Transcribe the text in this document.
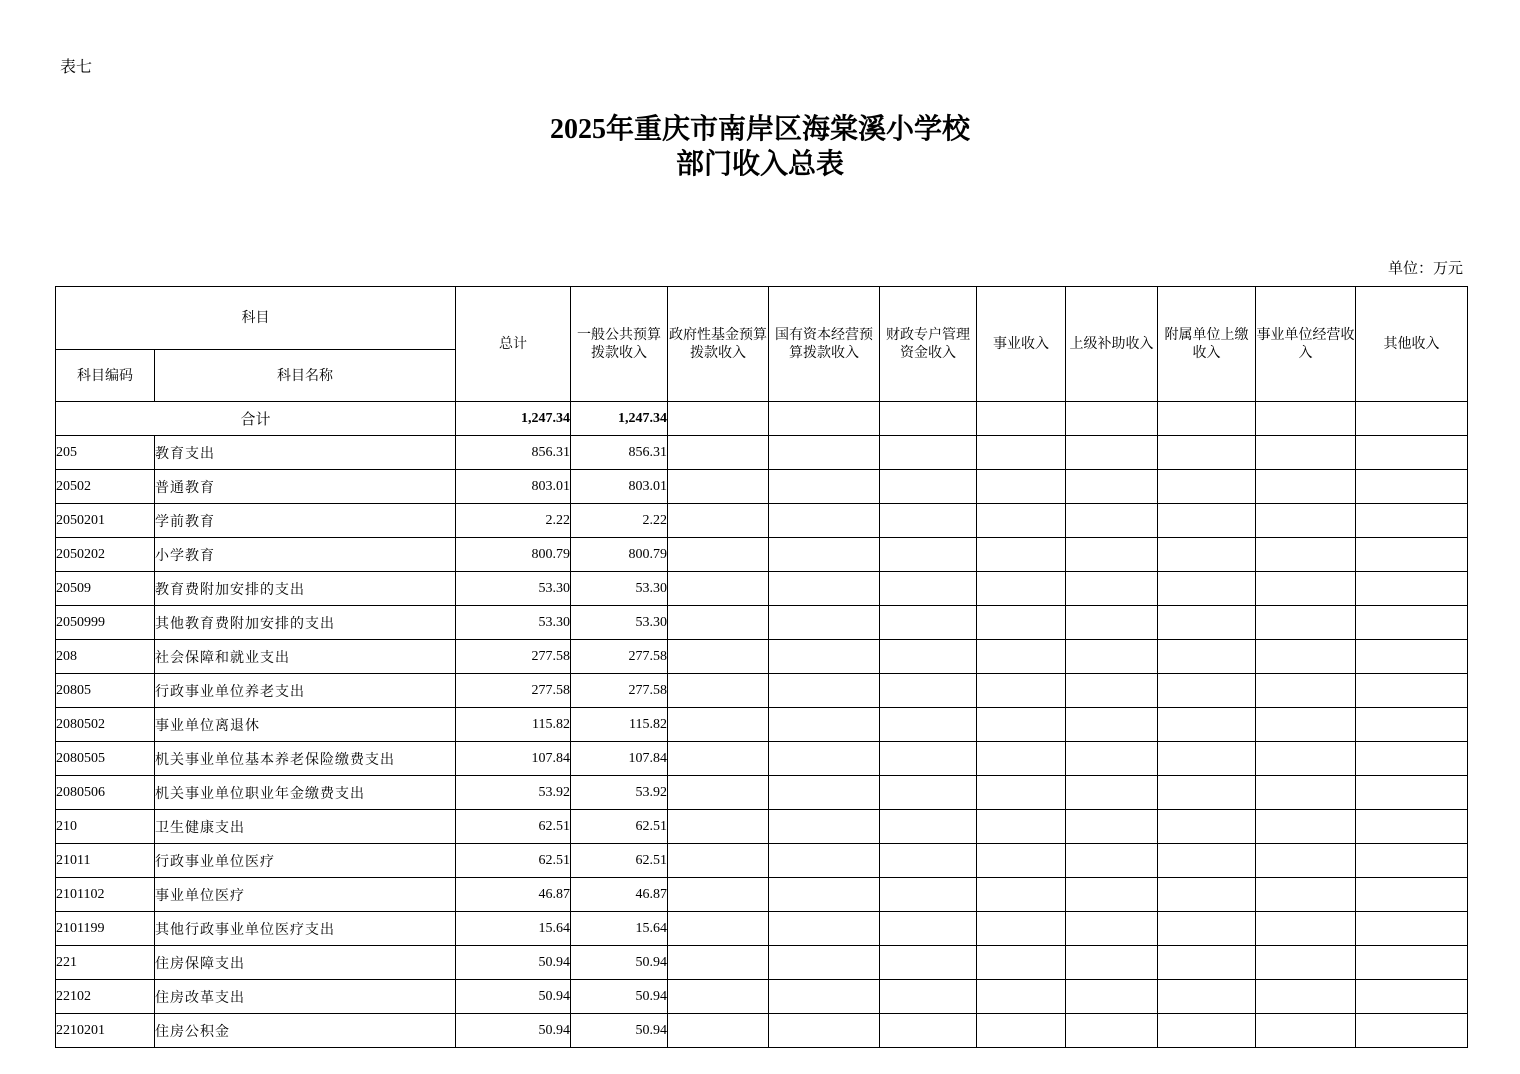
表七
2025年重庆市南岸区海棠溪小学校
部门收入总表
单位：万元
科目		总计	一般公共预算拨款收入	政府性基金预算拨款收入	国有资本经营预算拨款收入	财政专户管理资金收入	事业收入	上级补助收入	附属单位上缴收入	事业单位经营收入	其他收入
科目编码	科目名称										
合计		1,247.34	1,247.34								
205	教育支出	856.31	856.31								
20502	普通教育	803.01	803.01								
2050201	学前教育	2.22	2.22								
2050202	小学教育	800.79	800.79								
20509	教育费附加安排的支出	53.30	53.30								
2050999	其他教育费附加安排的支出	53.30	53.30								
208	社会保障和就业支出	277.58	277.58								
20805	行政事业单位养老支出	277.58	277.58								
2080502	事业单位离退休	115.82	115.82								
2080505	机关事业单位基本养老保险缴费支出	107.84	107.84								
2080506	机关事业单位职业年金缴费支出	53.92	53.92								
210	卫生健康支出	62.51	62.51								
21011	行政事业单位医疗	62.51	62.51								
2101102	事业单位医疗	46.87	46.87								
2101199	其他行政事业单位医疗支出	15.64	15.64								
221	住房保障支出	50.94	50.94								
22102	住房改革支出	50.94	50.94								
2210201	住房公积金	50.94	50.94								
